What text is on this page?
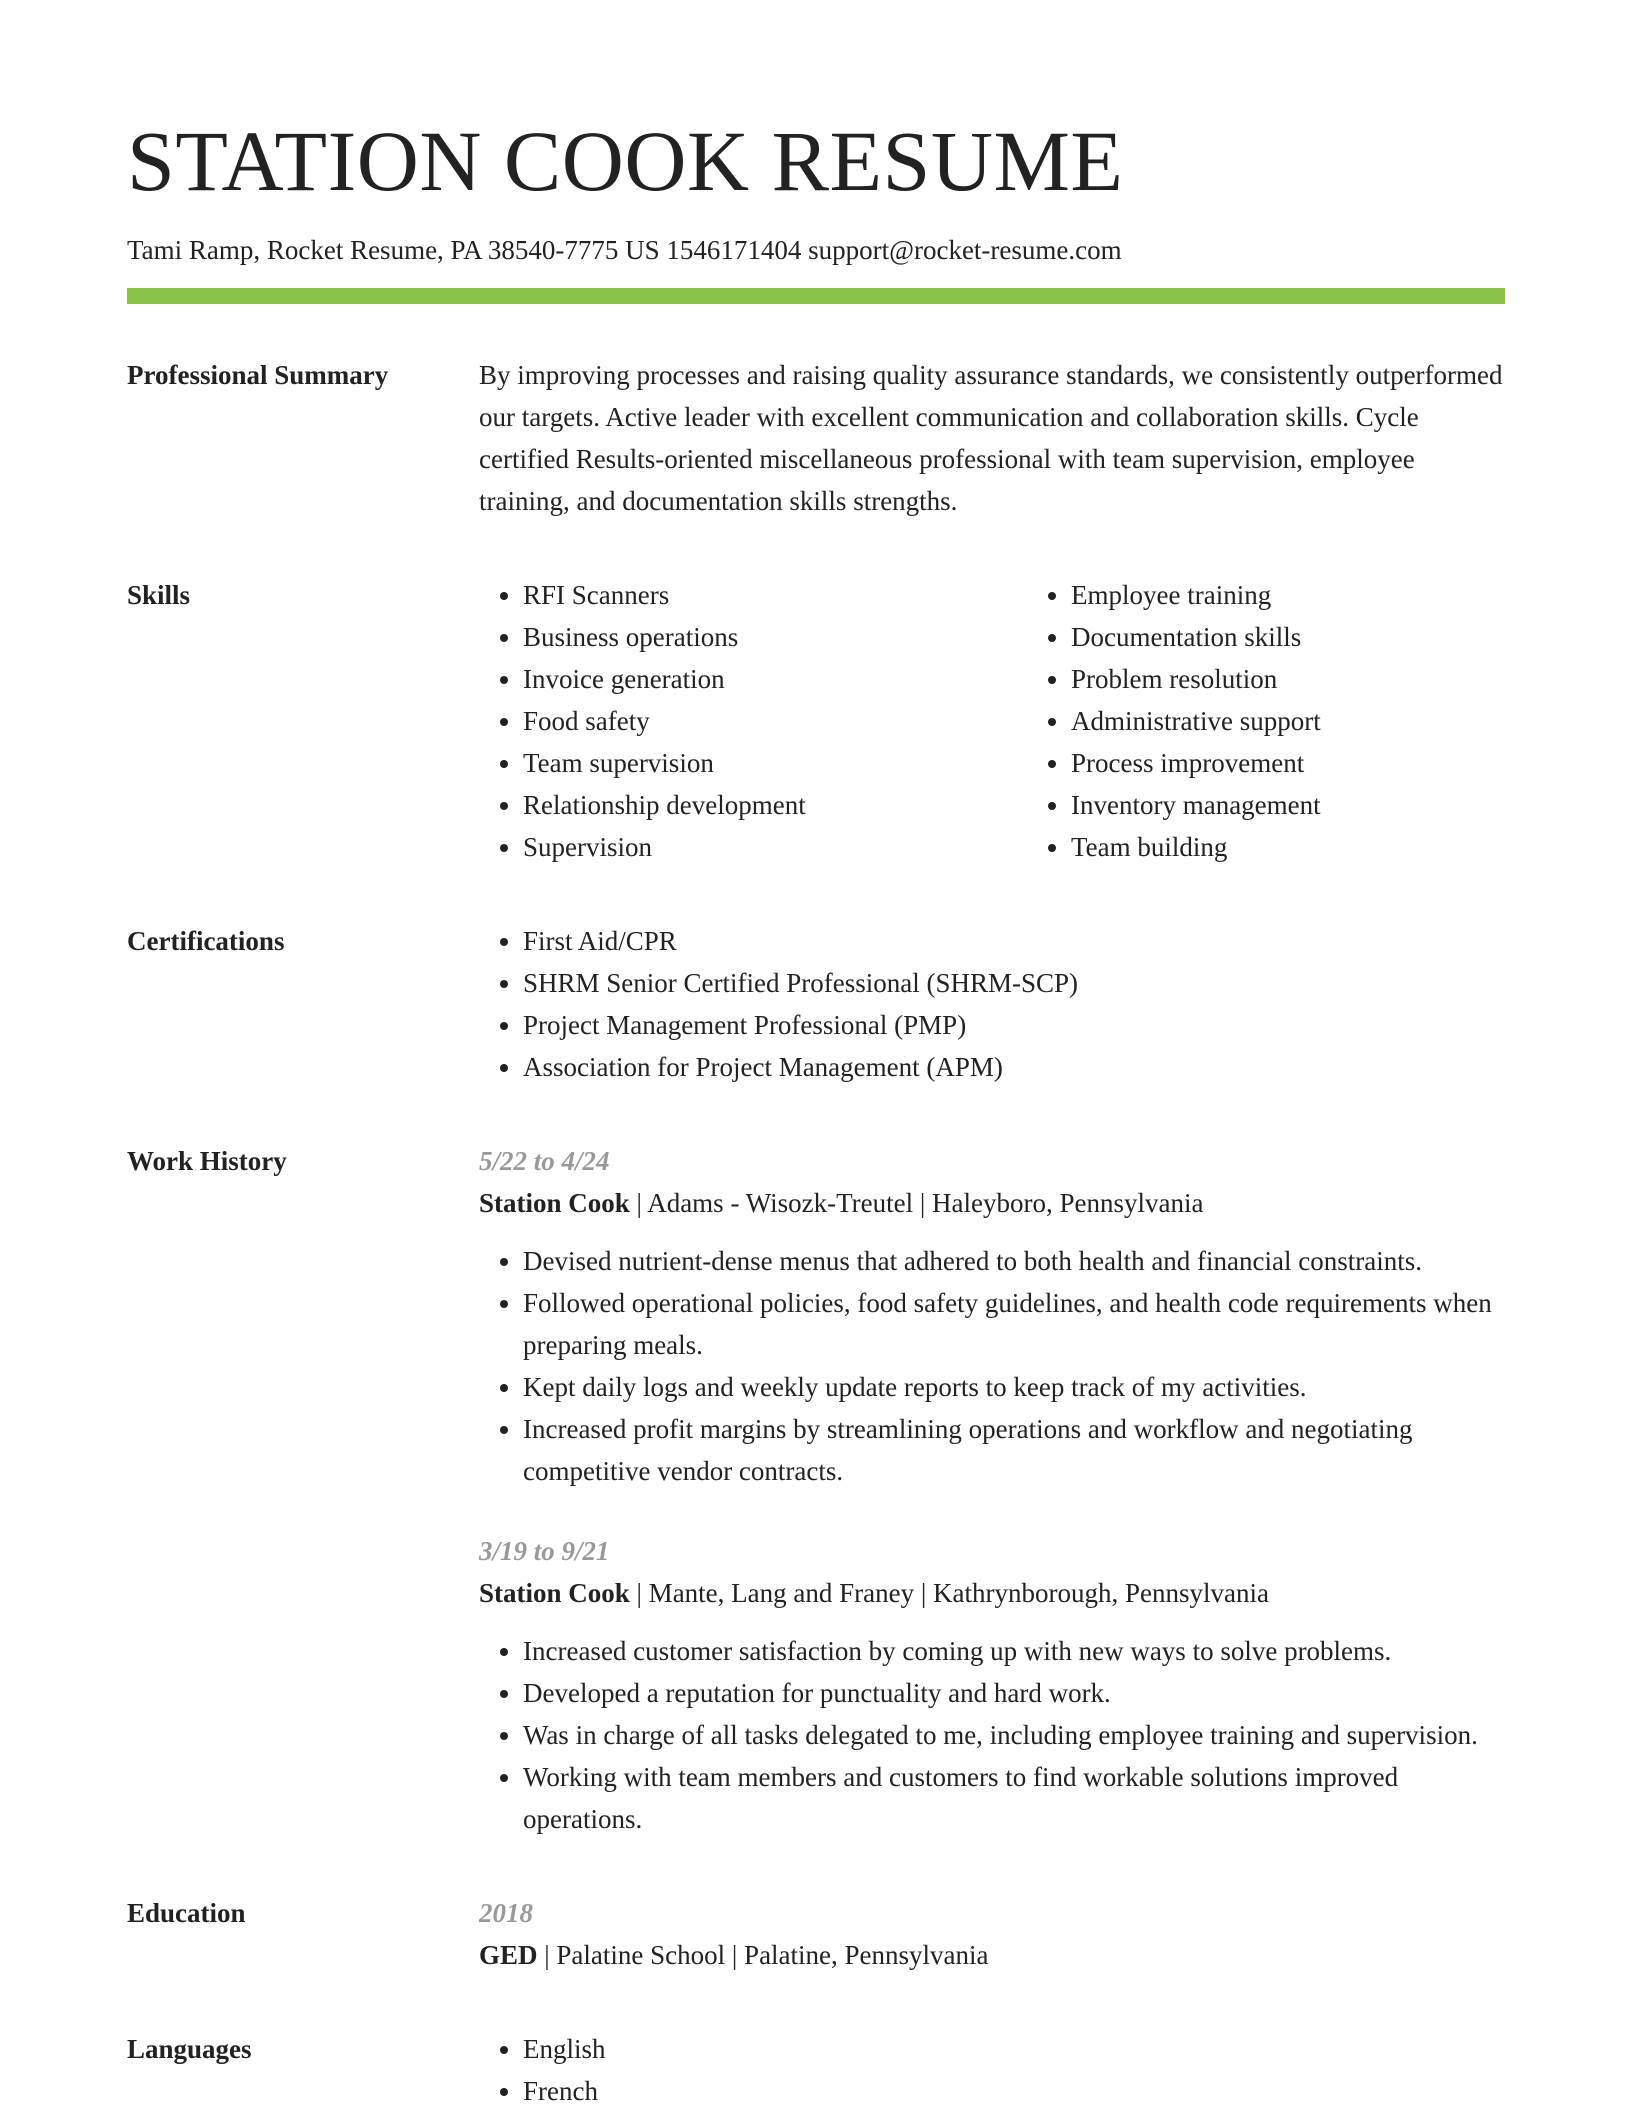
STATION COOK RESUME
Tami Ramp, Rocket Resume, PA 38540-7775 US 1546171404 support@rocket-resume.com
Professional Summary	By improving processes and raising quality assurance standards, we consistently outperformed our targets. Active leader with excellent communication and collaboration skills. Cycle certified Results-oriented miscellaneous professional with team supervision, employee training, and documentation skills strengths.
Skills	• RFI Scanners
• Business operations
• Invoice generation
• Food safety
• Team supervision
• Relationship development
• Supervision
• Employee training
• Documentation skills
• Problem resolution
• Administrative support
• Process improvement
• Inventory management
• Team building
Certifications	• First Aid/CPR
• SHRM Senior Certified Professional (SHRM-SCP)
• Project Management Professional (PMP)
• Association for Project Management (APM)
Work History	5/22 to 4/24
Station Cook | Adams - Wisozk-Treutel | Haleyboro, Pennsylvania
• Devised nutrient-dense menus that adhered to both health and financial constraints.
• Followed operational policies, food safety guidelines, and health code requirements when preparing meals.
• Kept daily logs and weekly update reports to keep track of my activities.
• Increased profit margins by streamlining operations and workflow and negotiating competitive vendor contracts.
3/19 to 9/21
Station Cook | Mante, Lang and Franey | Kathrynborough, Pennsylvania
• Increased customer satisfaction by coming up with new ways to solve problems.
• Developed a reputation for punctuality and hard work.
• Was in charge of all tasks delegated to me, including employee training and supervision.
• Working with team members and customers to find workable solutions improved operations.
Education	2018
GED | Palatine School | Palatine, Pennsylvania
Languages	• English
• French
